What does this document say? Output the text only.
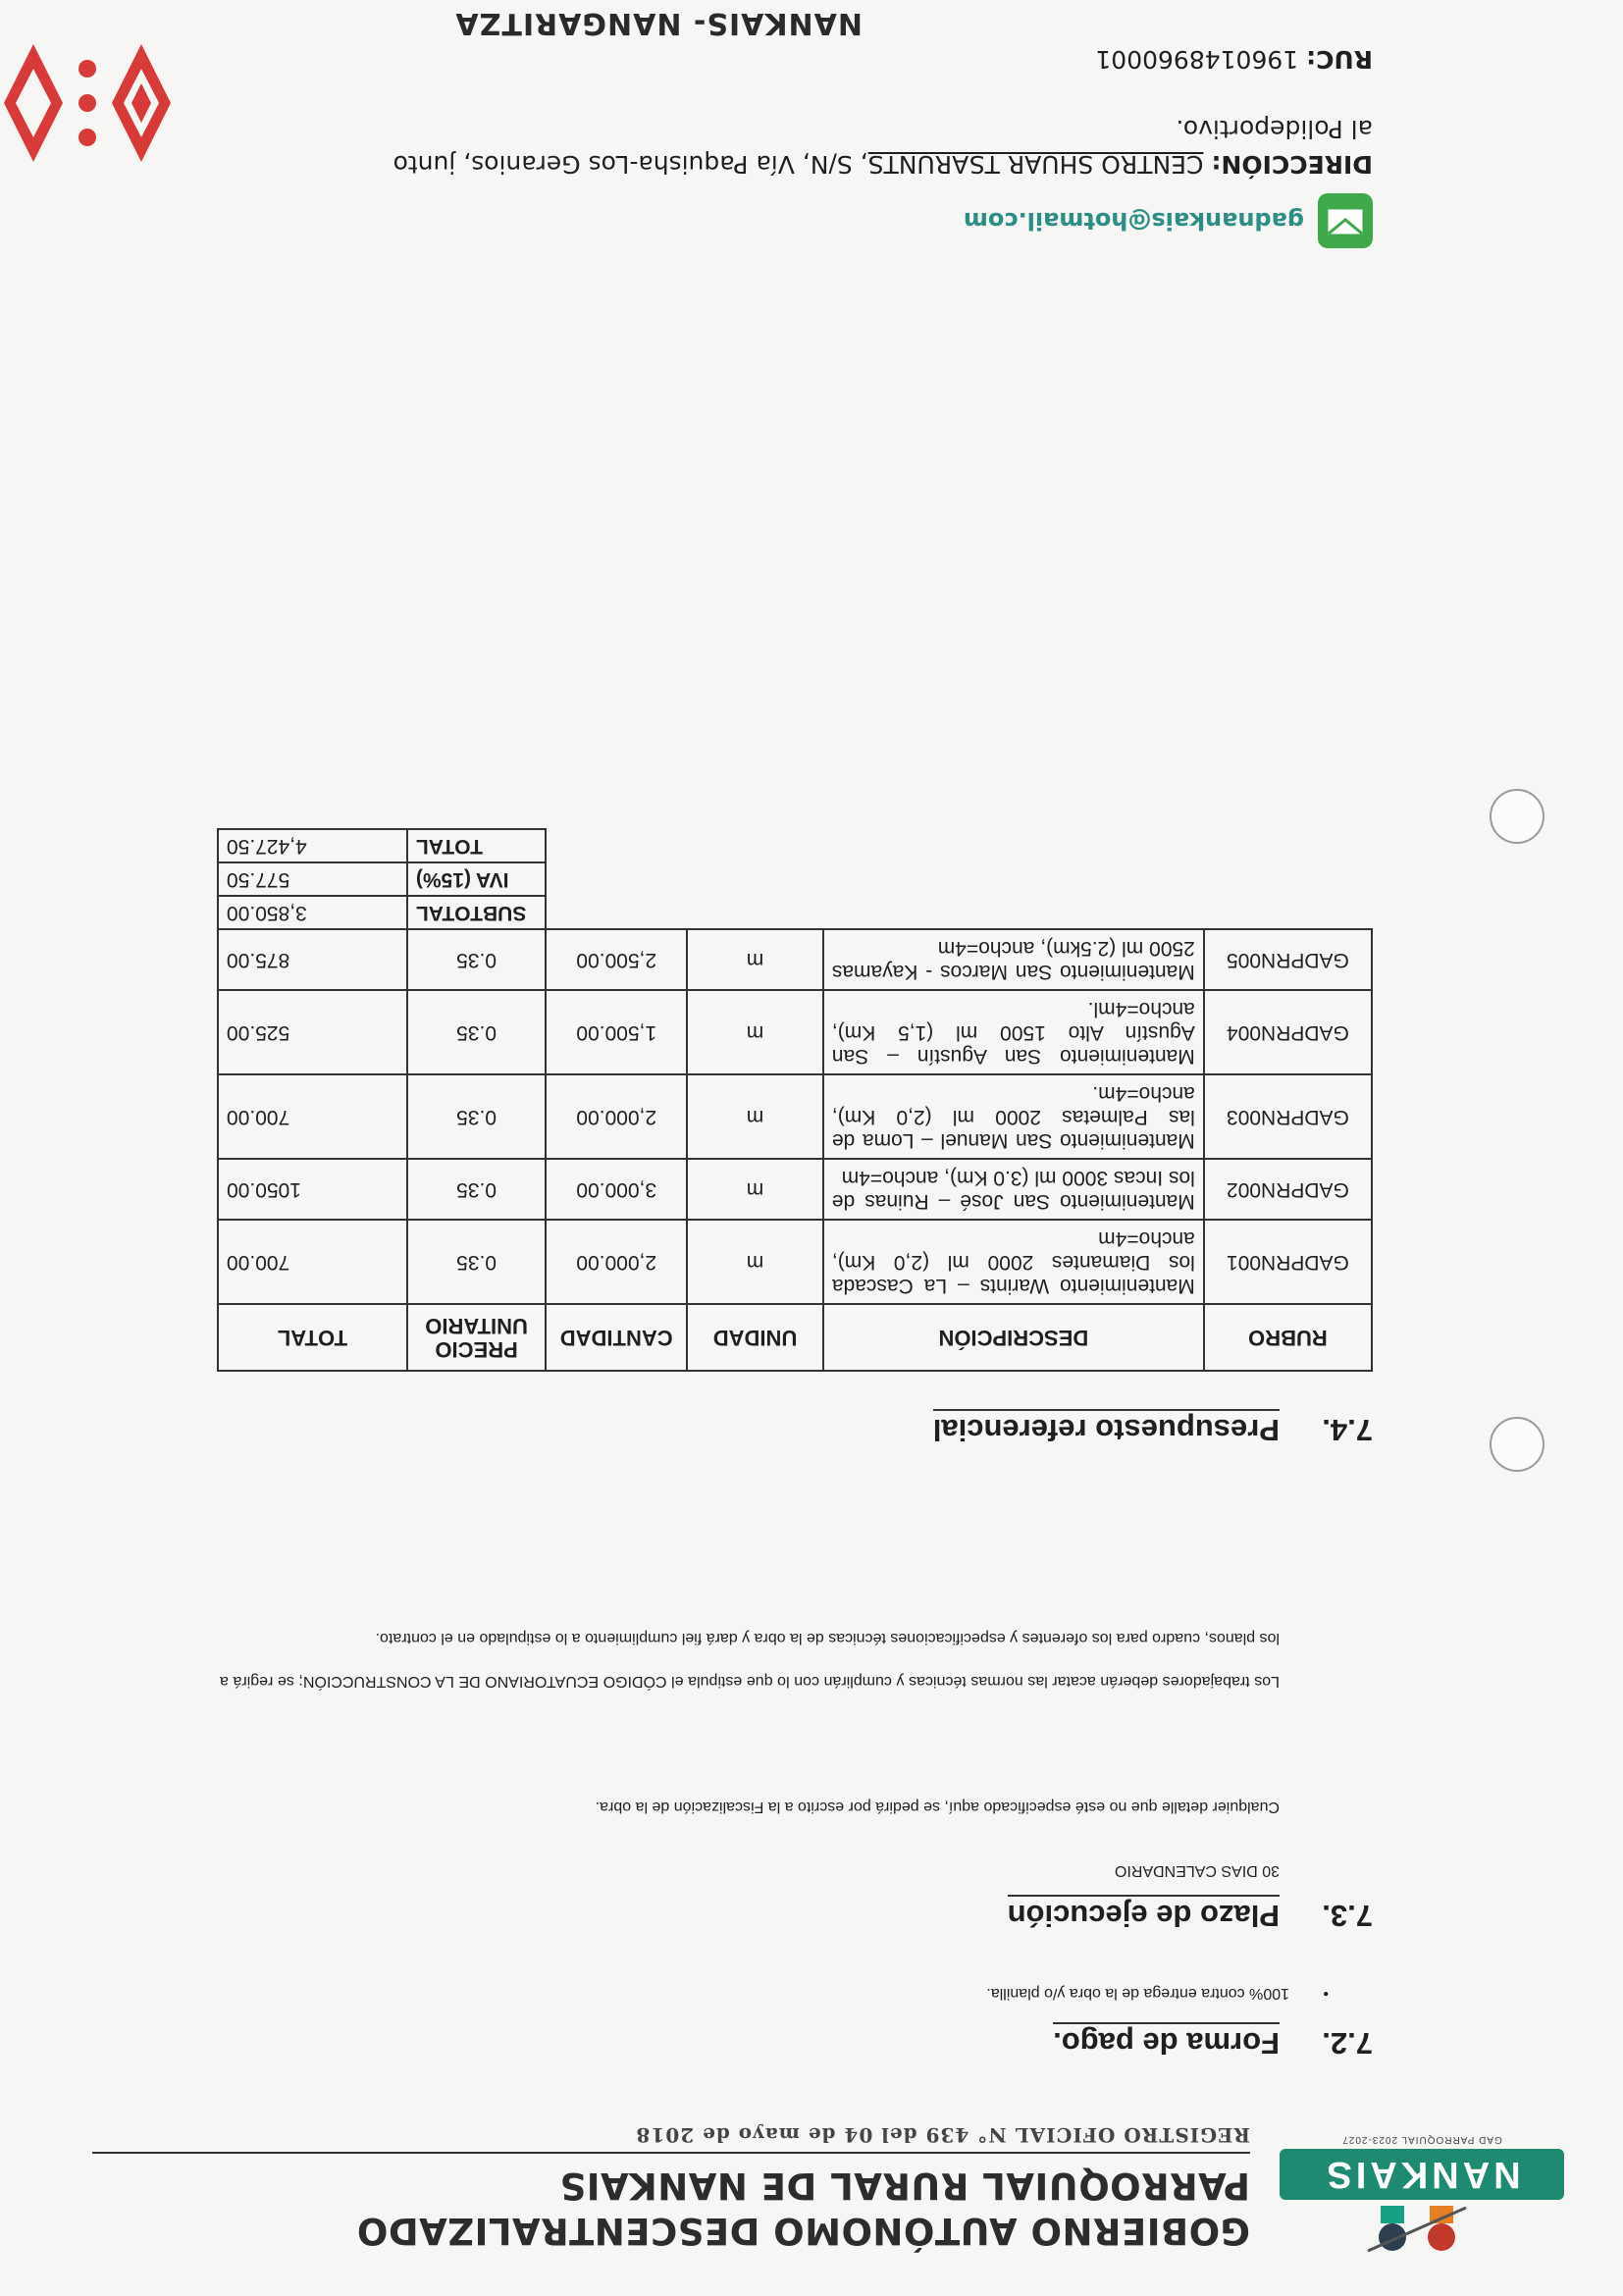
NANKAIS
GAD PARROQUIAL 2023-2027
GOBIERNO AUTÓNOMO DESCENTRALIZADO
PARROQUIAL RURAL DE NANKAIS
REGISTRO OFICIAL N° 439 del 04 de mayo de 2018
7.2.Forma de pago.
•100% contra entrega de la obra y/o planilla.
7.3.Plazo de ejecución
30 DIAS CALENDARIO
Cualquier detalle que no esté especificado aquí, se pedirá por escrito a la Fiscalización de la obra.
Los trabajadores deberán acatar las normas técnicas y cumplirán con lo que estipula el CÓDIGO ECUATORIANO DE LA CONSTRUCCIÓN; se regirá a los planos, cuadro para los oferentes y especificaciones técnicas de la obra y dará fiel cumplimiento a lo estipulado en el contrato.
7.4.Presupuesto referencial
RUBRO	DESCRIPCIÓN	UNIDAD	CANTIDAD	PRECIO UNITARIO	TOTAL
GADPRN001	Mantenimiento Warints – La Cascada los Diamantes 2000 ml (2,0 Km), ancho=4m	m	2,000.00	0.35	700.00
GADPRN002	Mantenimiento San José – Ruinas de los Incas 3000 ml (3.0 Km), ancho=4m	m	3,000.00	0.35	1050.00
GADPRN003	Mantenimiento San Manuel – Loma de las Palmetas 2000 ml (2,0 Km), ancho=4m.	m	2,000.00	0.35	700.00
GADPRN004	Mantenimiento San Agustín – San Agustín Alto 1500 ml (1,5 Km), ancho=4ml.	m	1,500.00	0.35	525.00
GADPRN005	Mantenimiento San Marcos - Kayamas 2500 ml (2.5km), ancho=4m	m	2,500.00	0.35	875.00
				SUBTOTAL	3,850.00
				IVA (15%)	577.50
				TOTAL	4,427.50
gadnankais@hotmail.com
DIRECCIÓN: CENTRO SHUAR TSARUNTS, S/N, Vía Paquisha-Los Geranios, junto al Polideportivo.
RUC: 1960148960001
NANKAIS- NANGARITZA
